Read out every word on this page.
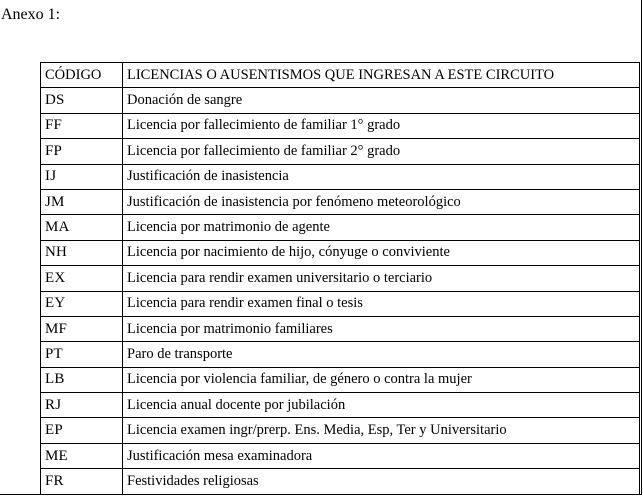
Anexo 1:
CÓDIGO	LICENCIAS O AUSENTISMOS QUE INGRESAN A ESTE CIRCUITO
DS	Donación de sangre
FF	Licencia por fallecimiento de familiar 1° grado
FP	Licencia por fallecimiento de familiar 2° grado
IJ	Justificación de inasistencia
JM	Justificación de inasistencia por fenómeno meteorológico
MA	Licencia por matrimonio de agente
NH	Licencia por nacimiento de hijo, cónyuge o conviviente
EX	Licencia para rendir examen universitario o terciario
EY	Licencia para rendir examen final o tesis
MF	Licencia por matrimonio familiares
PT	Paro de transporte
LB	Licencia por violencia familiar, de género o contra la mujer
RJ	Licencia anual docente por jubilación
EP	Licencia examen ingr/prerp. Ens. Media, Esp, Ter y Universitario
ME	Justificación mesa examinadora
FR	Festividades religiosas
